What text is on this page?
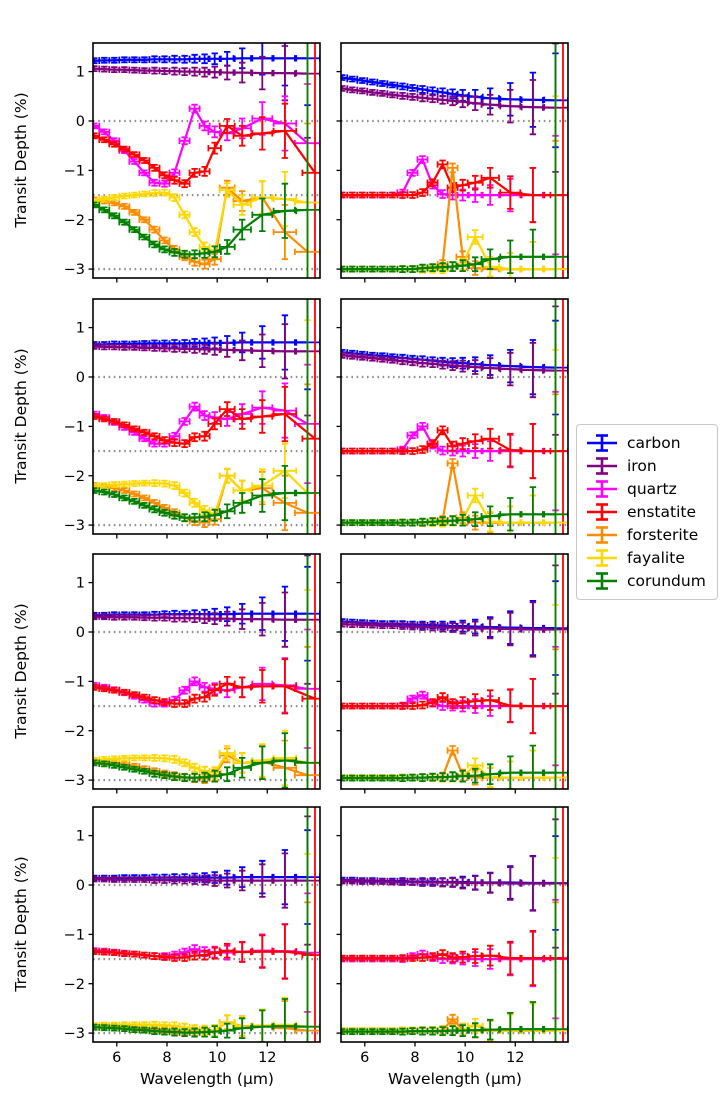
1
0
−1
−2
−3
1
0
−1
−2
−3
1
0
−1
−2
−3
6	8	10 12
1
0
−1
−2
−3
6	8	10 12
Transit Depth (%)
Transit Depth (%)
Transit Depth (%)
Transit Depth (%)
Wavelength (μm)	Wavelength (μm)
carbon
iron
quartz
enstatite
forsterite
fayalite
corundum
